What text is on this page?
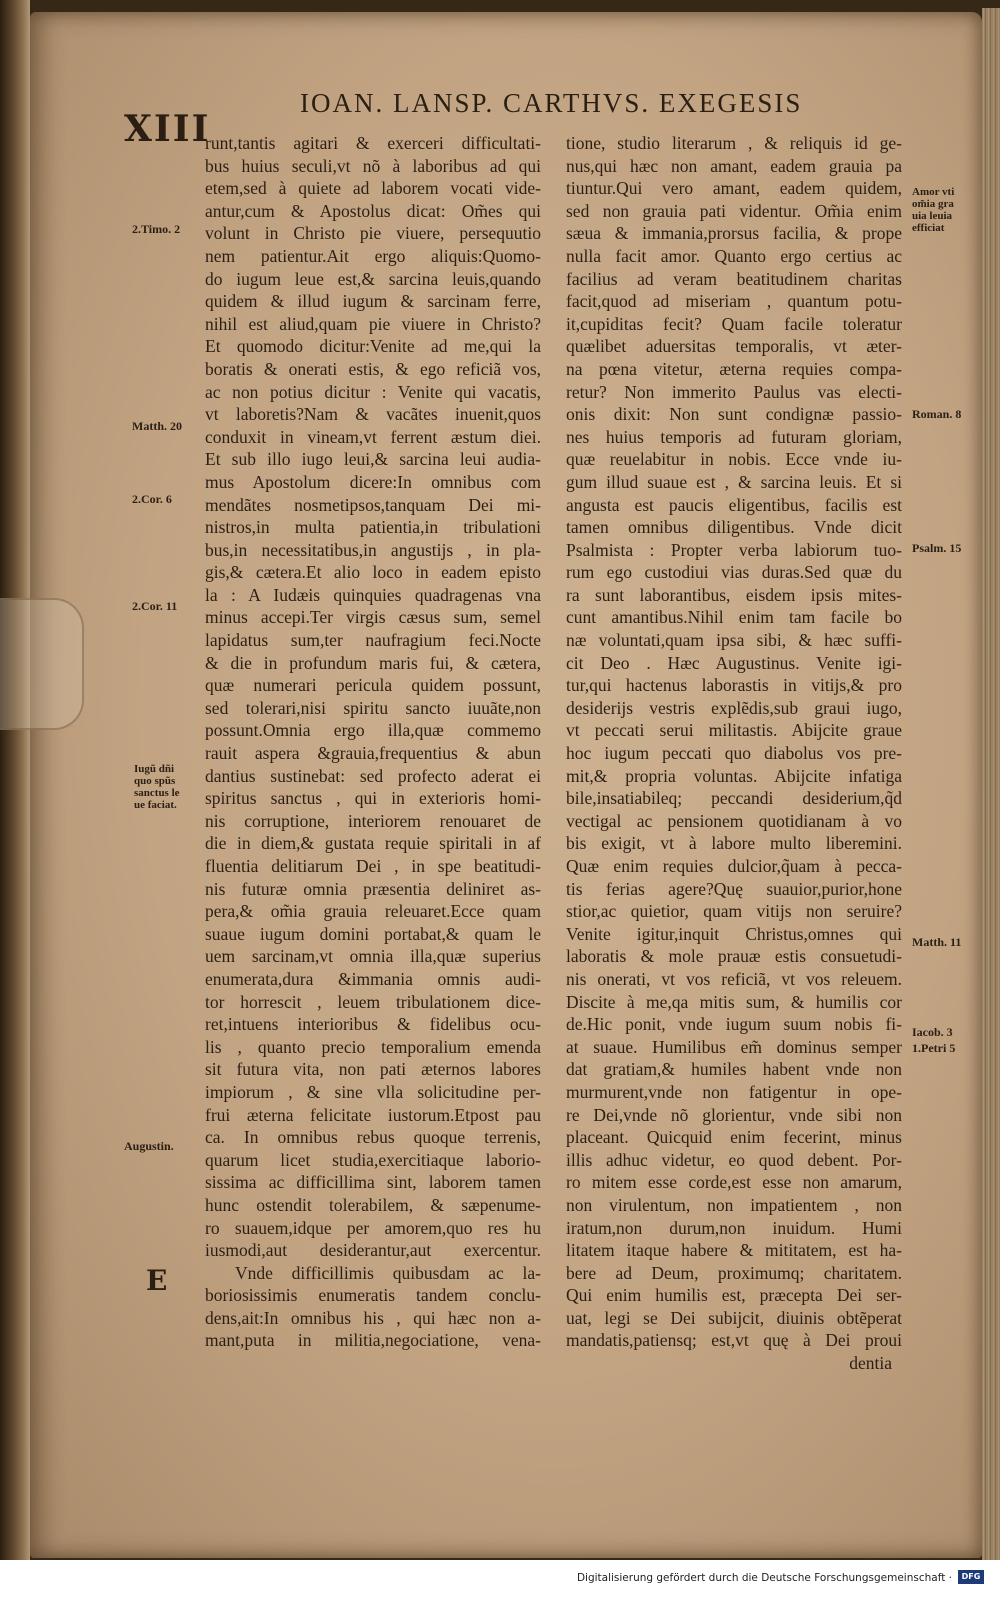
XIII
IOAN. LANSP. CARTHVS. EXEGESIS
runt,tantis agitari & exerceri difficultati-
bus huius seculi,vt nõ à laboribus ad qui
etem,sed à quiete ad laborem vocati vide-
antur,cum & Apostolus dicat: Om̃es qui
volunt in Christo pie viuere, persequutio
nem patientur.Ait ergo aliquis:Quomo-
do iugum leue est,& sarcina leuis,quando
quidem & illud iugum & sarcinam ferre,
nihil est aliud,quam pie viuere in Christo?
Et quomodo dicitur:Venite ad me,qui la
boratis & onerati estis, & ego reficiã vos,
ac non potius dicitur : Venite qui vacatis,
vt laboretis?Nam & vacãtes inuenit,quos
conduxit in vineam,vt ferrent æstum diei.
Et sub illo iugo leui,& sarcina leui audia-
mus Apostolum dicere:In omnibus com
mendãtes nosmetipsos,tanquam Dei mi-
nistros,in multa patientia,in tribulationi
bus,in necessitatibus,in angustijs , in pla-
gis,& cætera.Et alio loco in eadem episto
la : A Iudæis quinquies quadragenas vna
minus accepi.Ter virgis cæsus sum, semel
lapidatus sum,ter naufragium feci.Nocte
& die in profundum maris fui, & cætera,
quæ numerari pericula quidem possunt,
sed tolerari,nisi spiritu sancto iuuãte,non
possunt.Omnia ergo illa,quæ commemo
rauit aspera &grauia,frequentius & abun
dantius sustinebat: sed profecto aderat ei
spiritus sanctus , qui in exterioris homi-
nis corruptione, interiorem renouaret de
die in diem,& gustata requie spiritali in af
fluentia delitiarum Dei , in spe beatitudi-
nis futuræ omnia præsentia deliniret as-
pera,& om̃ia grauia releuaret.Ecce quam
suaue iugum domini portabat,& quam le
uem sarcinam,vt omnia illa,quæ superius
enumerata,dura &immania omnis audi-
tor horrescit , leuem tribulationem dice-
ret,intuens interioribus & fidelibus ocu-
lis , quanto precio temporalium emenda
sit futura vita, non pati æternos labores
impiorum , & sine vlla solicitudine per-
frui æterna felicitate iustorum.Etpost pau
ca. In omnibus rebus quoque terrenis,
quarum licet studia,exercitiaque laborio-
sissima ac difficillima sint, laborem tamen
hunc ostendit tolerabilem, & sæpenume-
ro suauem,idque per amorem,quo res hu
iusmodi,aut desiderantur,aut exercentur.
Vnde difficillimis quibusdam ac la-
boriosissimis enumeratis tandem conclu-
dens,ait:In omnibus his , qui hæc non a-
mant,puta in militia,negociatione, vena-
tione, studio literarum , & reliquis id ge-
nus,qui hæc non amant, eadem grauia pa
tiuntur.Qui vero amant, eadem quidem,
sed non grauia pati videntur. Om̃ia enim
sæua & immania,prorsus facilia, & prope
nulla facit amor. Quanto ergo certius ac
facilius ad veram beatitudinem charitas
facit,quod ad miseriam , quantum potu-
it,cupiditas fecit? Quam facile toleratur
quælibet aduersitas temporalis, vt æter-
na pœna vitetur, æterna requies compa-
retur? Non immerito Paulus vas electi-
onis dixit: Non sunt condignæ passio-
nes huius temporis ad futuram gloriam,
quæ reuelabitur in nobis. Ecce vnde iu-
gum illud suaue est , & sarcina leuis. Et si
angusta est paucis eligentibus, facilis est
tamen omnibus diligentibus. Vnde dicit
Psalmista : Propter verba labiorum tuo-
rum ego custodiui vias duras.Sed quæ du
ra sunt laborantibus, eisdem ipsis mites-
cunt amantibus.Nihil enim tam facile bo
næ voluntati,quam ipsa sibi, & hæc suffi-
cit Deo . Hæc Augustinus. Venite igi-
tur,qui hactenus laborastis in vitijs,& pro
desiderijs vestris explẽdis,sub graui iugo,
vt peccati serui militastis. Abijcite graue
hoc iugum peccati quo diabolus vos pre-
mit,& propria voluntas. Abijcite infatiga
bile,insatiabileq; peccandi desiderium,q̃d
vectigal ac pensionem quotidianam à vo
bis exigit, vt à labore multo liberemini.
Quæ enim requies dulcior,q̃uam à pecca-
tis ferias agere?Quę suauior,purior,hone
stior,ac quietior, quam vitijs non seruire?
Venite igitur,inquit Christus,omnes qui
laboratis & mole prauæ estis consuetudi-
nis onerati, vt vos reficiã, vt vos releuem.
Discite à me,qa mitis sum, & humilis cor
de.Hic ponit, vnde iugum suum nobis fi-
at suaue. Humilibus em̃ dominus semper
dat gratiam,& humiles habent vnde non
murmurent,vnde non fatigentur in ope-
re Dei,vnde nõ glorientur, vnde sibi non
placeant. Quicquid enim fecerint, minus
illis adhuc videtur, eo quod debent. Por-
ro mitem esse corde,est esse non amarum,
non virulentum, non impatientem , non
iratum,non durum,non inuidum. Humi
litatem itaque habere & mititatem, est ha-
bere ad Deum, proximumq; charitatem.
Qui enim humilis est, præcepta Dei ser-
uat, legi se Dei subijcit, diuinis obtẽperat
mandatis,patiensq; est,vt quę à Dei proui
dentia
E
2.Timo. 2
Matth. 20
2.Cor. 6
2.Cor. 11
Iugũ dñi
quo spũs
sanctus le
ue faciat.
Augustin.
Amor vti
om̃ia gra
uia leuia
efficiat
Roman. 8
Psalm. 15
Matth. 11
Iacob. 3
1.Petri 5
Digitalisierung gefördert durch die Deutsche Forschungsgemeinschaft ·	DFG
